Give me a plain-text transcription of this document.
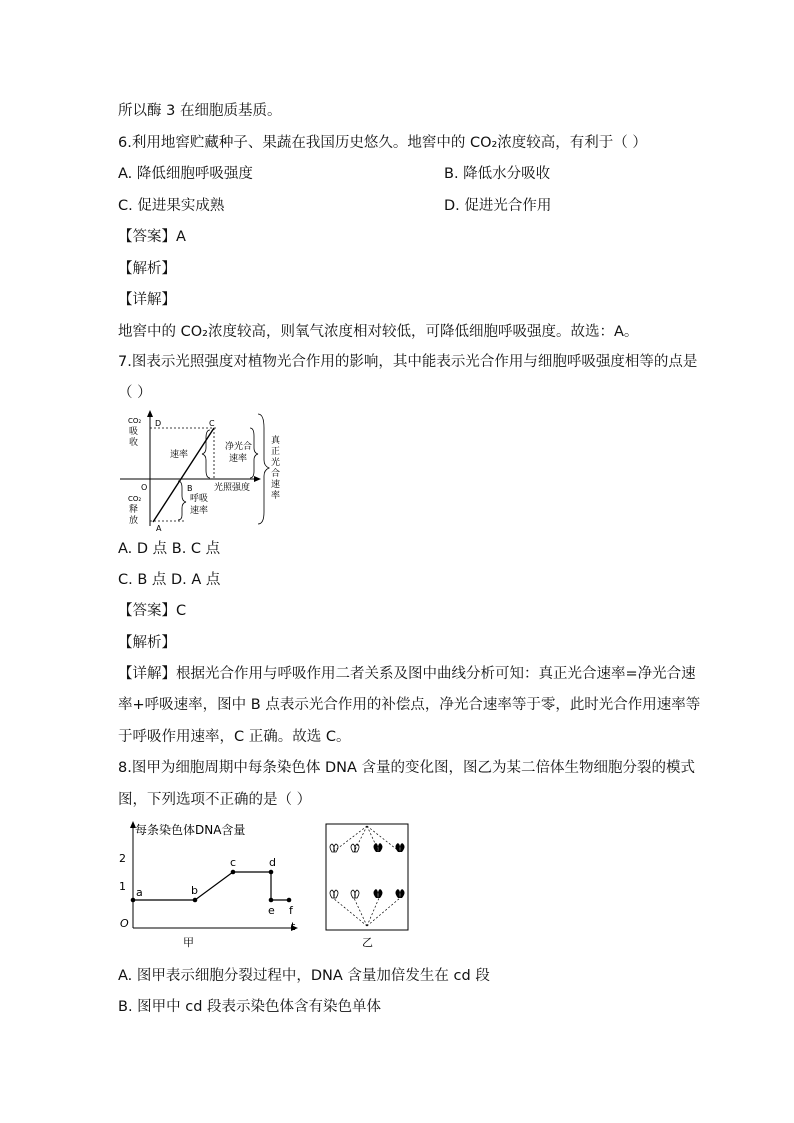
所以酶 3 在细胞质基质。
6.利用地窖贮藏种子、果蔬在我国历史悠久。地窖中的 CO₂浓度较高，有利于（ ）
A. 降低细胞呼吸强度	B. 降低水分吸收
C. 促进果实成熟	D. 促进光合作用
【答案】A
【解析】
【详解】
地窖中的 CO₂浓度较高，则氧气浓度相对较低，可降低细胞呼吸强度。故选：A。
7.图表示光照强度对植物光合作用的影响，其中能表示光合作用与细胞呼吸强度相等的点是
（ ）
CO₂
吸
收
CO₂
释
放
O
D	C
B
A
速率
净光合
速率
光照强度
呼吸
速率
真 正 光 合 速 率
A. D 点 B. C 点
C. B 点 D. A 点
【答案】C
【解析】
【详解】根据光合作用与呼吸作用二者关系及图中曲线分析可知：真正光合速率=净光合速
率+呼吸速率，图中 B 点表示光合作用的补偿点，净光合速率等于零，此时光合作用速率等
于呼吸作用速率，C 正确。故选 C。
8.图甲为细胞周期中每条染色体 DNA 含量的变化图，图乙为某二倍体生物细胞分裂的模式
图，下列选项不正确的是（ ）
每条染色体DNA含量
2
1
O	t
甲
a	b
c	d
e f
乙
A. 图甲表示细胞分裂过程中，DNA 含量加倍发生在 cd 段
B. 图甲中 cd 段表示染色体含有染色单体
